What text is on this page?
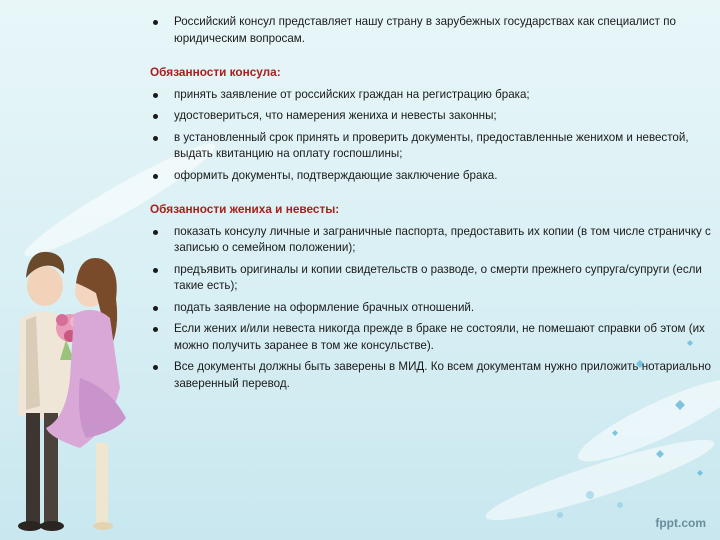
Российский консул представляет нашу страну в зарубежных государствах как специалист по юридическим вопросам.
Обязанности консула:
принять заявление от российских граждан на регистрацию брака;
удостовериться, что намерения жениха и невесты законны;
в установленный срок принять и проверить документы, предоставленные женихом и невестой, выдать квитанцию на оплату госпошлины;
оформить документы, подтверждающие заключение брака.
Обязанности жениха и невесты:
показать консулу личные и заграничные паспорта, предоставить их копии (в том числе страничку с записью о семейном положении);
предъявить оригиналы и копии свидетельств о разводе, о смерти прежнего супруга/супруги (если такие есть);
подать заявление на оформление брачных отношений.
Если жених и/или невеста никогда прежде в браке не состояли, не помешают справки об этом (их можно получить заранее в том же консульстве).
Все документы должны быть заверены в МИД. Ко всем документам нужно приложить нотариально заверенный перевод.
fppt.com
